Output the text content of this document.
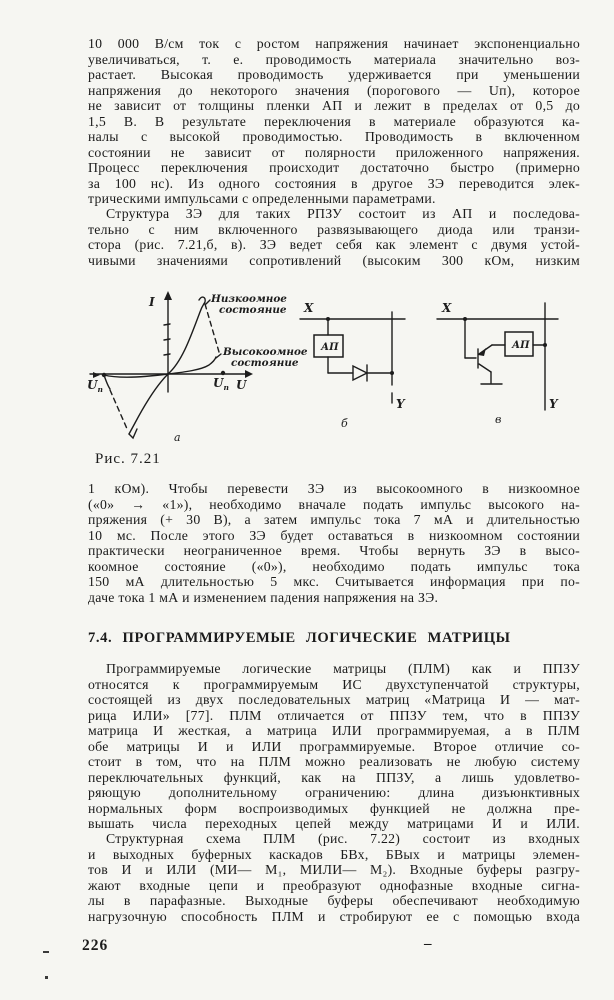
10 000 В/см ток с ростом напряжения начинает экспоненциально
увеличиваться, т. е. проводимость материала значительно воз-
растает. Высокая проводимость удерживается при уменьшении
напряжения до некоторого значения (порогового — Uп), которое
не зависит от толщины пленки АП и лежит в пределах от 0,5 до
1,5 В. В результате переключения в материале образуются ка-
налы с высокой проводимостью. Проводимость в включенном
состоянии не зависит от полярности приложенного напряжения.
Процесс переключения происходит достаточно быстро (примерно
за 100 нс). Из одного состояния в другое ЗЭ переводится элек-
трическими импульсами с определенными параметрами.
Структура ЗЭ для таких РПЗУ состоит из АП и последова-
тельно с ним включенного развязывающего диода или транзи-
стора (рис. 7.21,б, в). ЗЭ ведет себя как элемент с двумя устой-
чивыми значениями сопротивлений (высоким 300 кОм, низким
I
U
$U_п$
$U_п$
Низкоомное
состояние
Высокоомное
состояние
а
X
АП
Y
б
X
АП
Y
в
Рис. 7.21
1 кОм). Чтобы перевести ЗЭ из высокоомного в низкоомное
(«0» → «1»), необходимо вначале подать импульс высокого на-
пряжения (+ 30 В), а затем импульс тока 7 мА и длительностью
10 мс. После этого ЗЭ будет оставаться в низкоомном состоянии
практически неограниченное время. Чтобы вернуть ЗЭ в высо-
коомное состояние («0»), необходимо подать импульс тока
150 мА длительностью 5 мкс. Считывается информация при по-
даче тока 1 мА и изменением падения напряжения на ЗЭ.
7.4. ПРОГРАММИРУЕМЫЕ ЛОГИЧЕСКИЕ МАТРИЦЫ
Программируемые логические матрицы (ПЛМ) как и ППЗУ
относятся к программируемым ИС двухступенчатой структуры,
состоящей из двух последовательных матриц «Матрица И — мат-
рица ИЛИ» [77]. ПЛМ отличается от ППЗУ тем, что в ППЗУ
матрица И жесткая, а матрица ИЛИ программируемая, а в ПЛМ
обе матрицы И и ИЛИ программируемые. Второе отличие со-
стоит в том, что на ПЛМ можно реализовать не любую систему
переключательных функций, как на ППЗУ, а лишь удовлетво-
ряющую дополнительному ограничению: длина дизъюнктивных
нормальных форм воспроизводимых функцией не должна пре-
вышать числа переходных цепей между матрицами И и ИЛИ.
Структурная схема ПЛМ (рис. 7.22) состоит из входных
и выходных буферных каскадов БВх, БВых и матрицы элемен-
тов И и ИЛИ (МИ— М₁, МИЛИ— М₂). Входные буферы разгру-
жают входные цепи и преобразуют однофазные входные сигна-
лы в парафазные. Выходные буферы обеспечивают необходимую
нагрузочную способность ПЛМ и стробируют ее с помощью входа
226	–
